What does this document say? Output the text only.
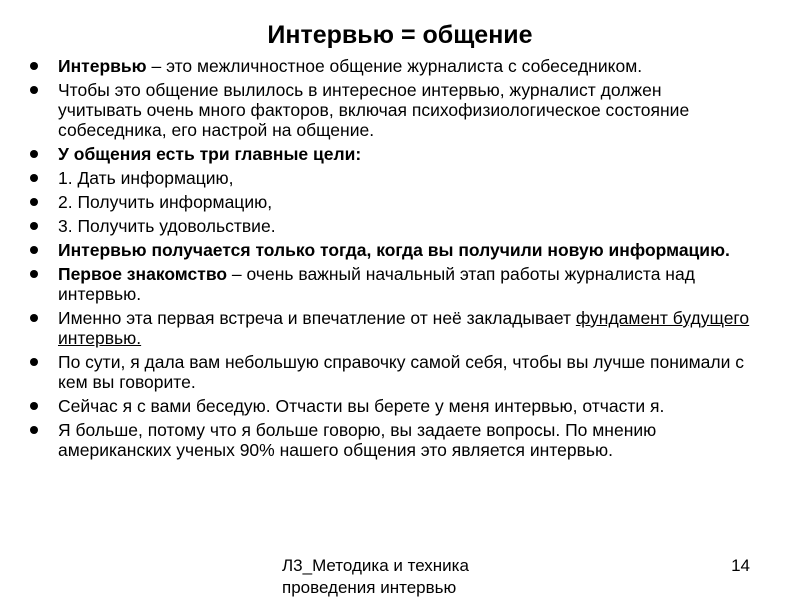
Интервью = общение
Интервью – это межличностное общение журналиста с собеседником.
Чтобы это общение вылилось в интересное интервью, журналист должен учитывать очень много факторов, включая психофизиологическое состояние собеседника, его настрой на общение.
У общения есть три главные цели:
1. Дать информацию,
2. Получить информацию,
3. Получить удовольствие.
Интервью получается только тогда, когда вы получили новую информацию.
Первое знакомство – очень важный начальный этап работы журналиста над интервью.
Именно эта первая встреча и впечатление от неё закладывает фундамент будущего интервью.
По сути, я дала вам небольшую справочку самой себя, чтобы вы лучше понимали с кем вы говорите.
Сейчас я с вами беседую. Отчасти вы берете у меня интервью, отчасти я.
Я больше, потому что я больше говорю, вы задаете вопросы. По мнению американских ученых 90% нашего общения это является интервью.
Л3_Методика и техника
проведения интервью
14
